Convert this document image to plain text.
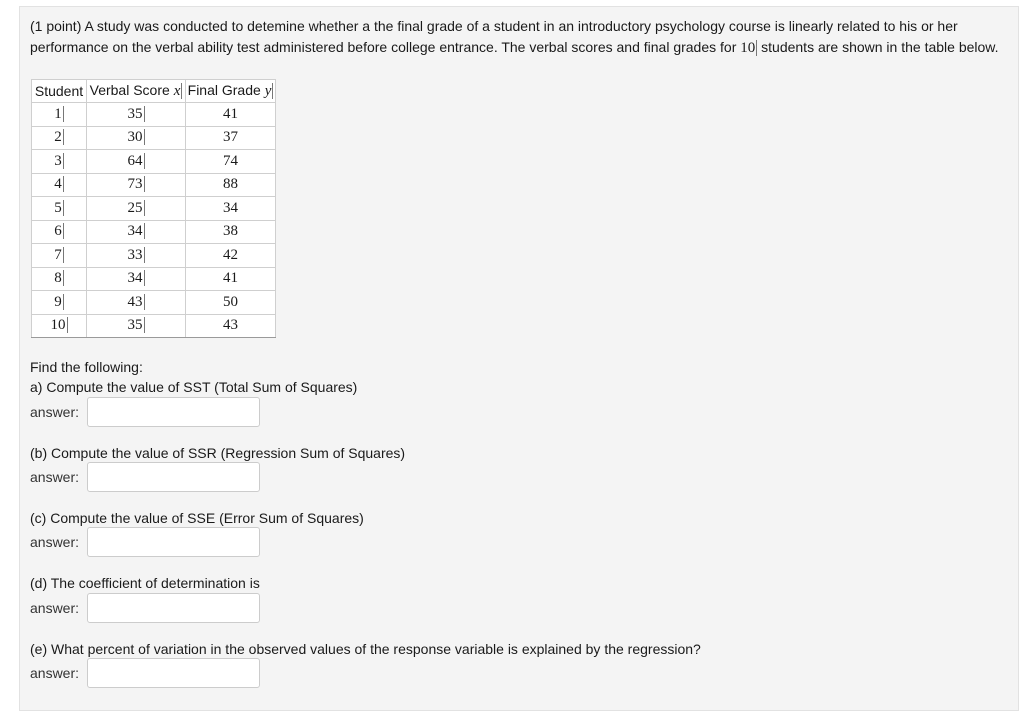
(1 point) A study was conducted to detemine whether a the final grade of a student in an introductory psychology course is linearly related to his or her performance on the verbal ability test administered before college entrance. The verbal scores and final grades for 10 students are shown in the table below.
Student	Verbal Score x	Final Grade y
1	35	41
2	30	37
3	64	74
4	73	88
5	25	34
6	34	38
7	33	42
8	34	41
9	43	50
10	35	43
Find the following:
a) Compute the value of SST (Total Sum of Squares)
answer:
(b) Compute the value of SSR (Regression Sum of Squares)
answer:
(c) Compute the value of SSE (Error Sum of Squares)
answer:
(d) The coefficient of determination is
answer:
(e) What percent of variation in the observed values of the response variable is explained by the regression?
answer:
